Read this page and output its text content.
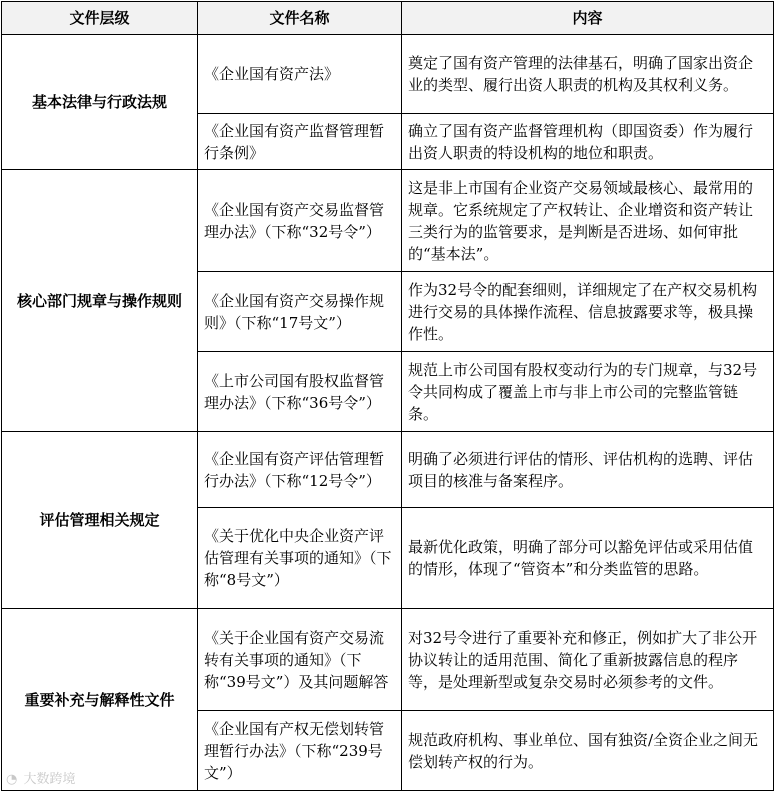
文件层级	文件名称	内容
基本法律与行政法规	《企业国有资产法》	奠定了国有资产管理的法律基石，明确了国家出资企业的类型、履行出资人职责的机构及其权利义务。
	《企业国有资产监督管理暂行条例》	确立了国有资产监督管理机构（即国资委）作为履行出资人职责的特设机构的地位和职责。
核心部门规章与操作规则	《企业国有资产交易监督管理办法》（下称“32号令”）	这是非上市国有企业资产交易领域最核心、最常用的规章。它系统规定了产权转让、企业增资和资产转让三类行为的监管要求，是判断是否进场、如何审批的“基本法”。
	《企业国有资产交易操作规则》（下称“17号文”）	作为32号令的配套细则，详细规定了在产权交易机构进行交易的具体操作流程、信息披露要求等，极具操作性。
	《上市公司国有股权监督管理办法》（下称“36号令”）	规范上市公司国有股权变动行为的专门规章，与32号令共同构成了覆盖上市与非上市公司的完整监管链条。
评估管理相关规定	《企业国有资产评估管理暂行办法》（下称“12号令”）	明确了必须进行评估的情形、评估机构的选聘、评估项目的核准与备案程序。
	《关于优化中央企业资产评估管理有关事项的通知》（下称“8号文”）	最新优化政策，明确了部分可以豁免评估或采用估值的情形，体现了“管资本”和分类监管的思路。
重要补充与解释性文件	《关于企业国有资产交易流转有关事项的通知》（下称“39号文”）及其问题解答	对32号令进行了重要补充和修正，例如扩大了非公开协议转让的适用范围、简化了重新披露信息的程序等，是处理新型或复杂交易时必须参考的文件。
	《企业国有产权无偿划转管理暂行办法》（下称“239号文”）	规范政府机构、事业单位、国有独资/全资企业之间无偿划转产权的行为。
◔ 大数跨境
